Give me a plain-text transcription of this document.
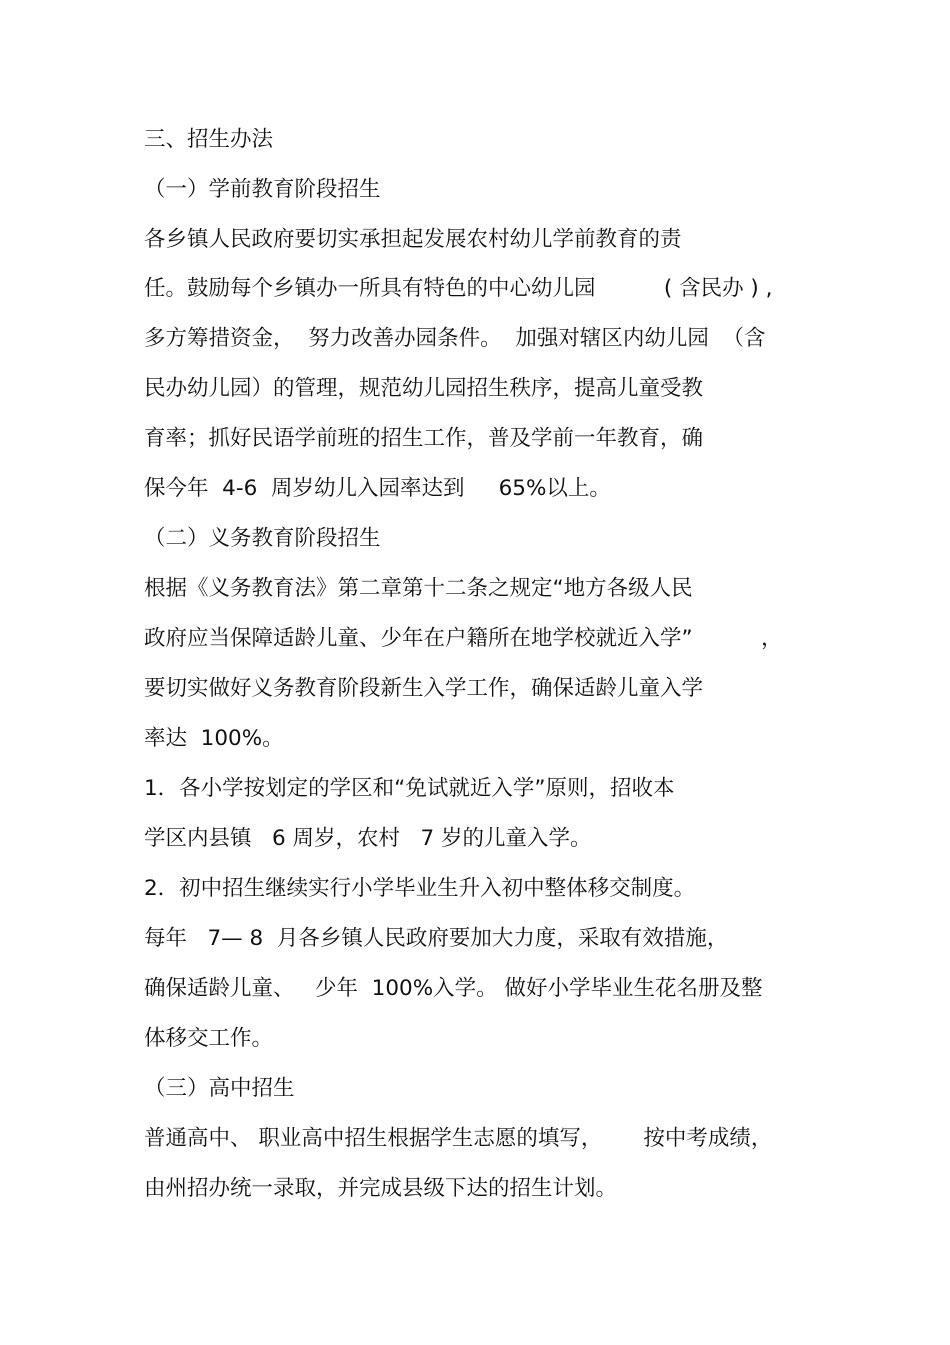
三、招生办法
（一）学前教育阶段招生
各乡镇人民政府要切实承担起发展农村幼儿学前教育的责
任。鼓励每个乡镇办一所具有特色的中心幼儿园          ( 含民办 ) ,
多方筹措资金，  努力改善办园条件。  加强对辖区内幼儿园  （含
民办幼儿园）的管理，规范幼儿园招生秩序，提高儿童受教
育率；抓好民语学前班的招生工作，普及学前一年教育，确
保今年  4-6  周岁幼儿入园率达到     65%以上。
（二）义务教育阶段招生
根据《义务教育法》第二章第十二条之规定“地方各级人民
政府应当保障适龄儿童、少年在户籍所在地学校就近入学”          ，
要切实做好义务教育阶段新生入学工作，确保适龄儿童入学
率达  100%。
1．各小学按划定的学区和“免试就近入学”原则，招收本
学区内县镇   6 周岁，农村   7 岁的儿童入学。
2．初中招生继续实行小学毕业生升入初中整体移交制度。
每年   7— 8  月各乡镇人民政府要加大力度，采取有效措施，
确保适龄儿童、   少年  100%入学。 做好小学毕业生花名册及整
体移交工作。
（三）高中招生
普通高中、 职业高中招生根据学生志愿的填写，      按中考成绩，
由州招办统一录取，并完成县级下达的招生计划。
